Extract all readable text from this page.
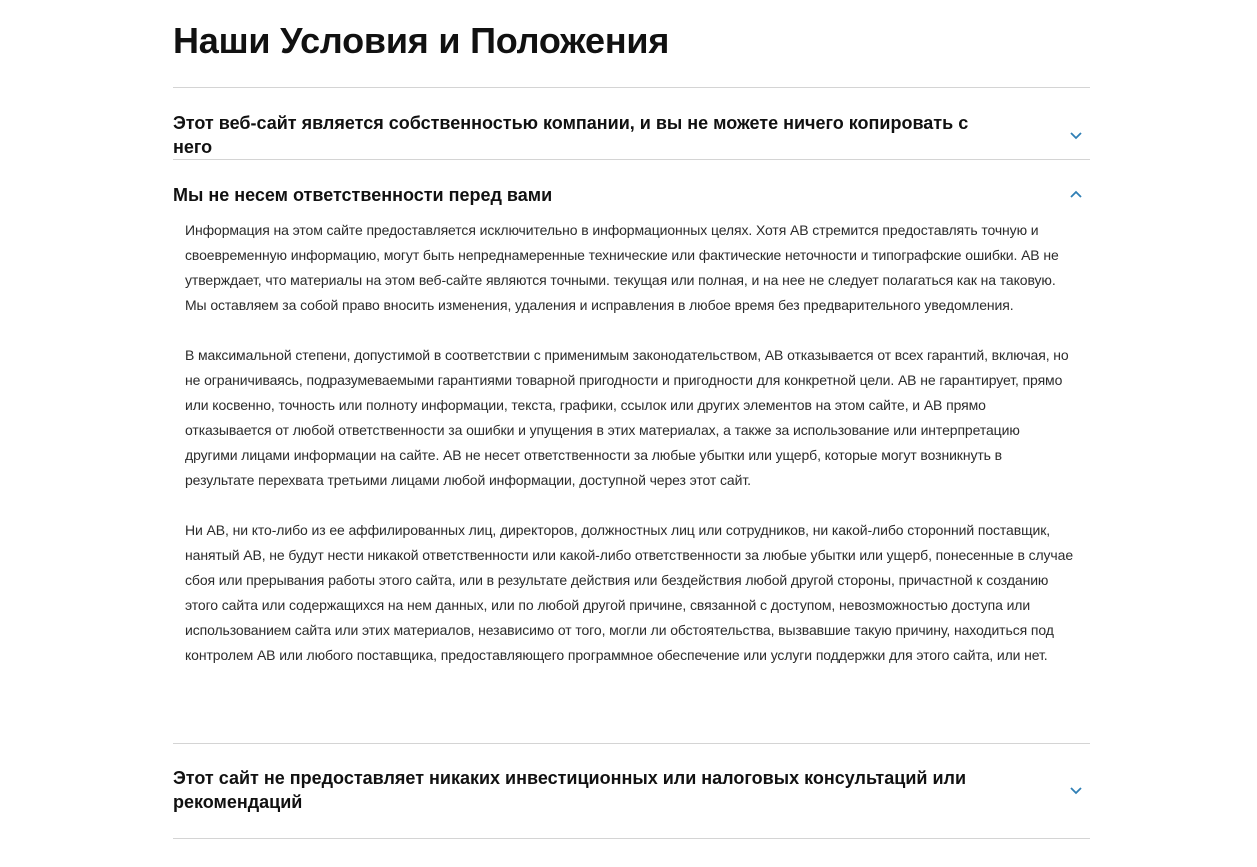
Наши Условия и Положения
Этот веб-сайт является собственностью компании, и вы не можете ничего копировать с него
Мы не несем ответственности перед вами

Информация на этом сайте предоставляется исключительно в информационных целях. Хотя АВ стремится предоставлять точную и своевременную информацию, могут быть непреднамеренные технические или фактические неточности и типографские ошибки. АВ не утверждает, что материалы на этом веб-сайте являются точными. текущая или полная, и на нее не следует полагаться как на таковую. Мы оставляем за собой право вносить изменения, удаления и исправления в любое время без предварительного уведомления.

В максимальной степени, допустимой в соответствии с применимым законодательством, АВ отказывается от всех гарантий, включая, но не ограничиваясь, подразумеваемыми гарантиями товарной пригодности и пригодности для конкретной цели. АВ не гарантирует, прямо или косвенно, точность или полноту информации, текста, графики, ссылок или других элементов на этом сайте, и АВ прямо отказывается от любой ответственности за ошибки и упущения в этих материалах, а также за использование или интерпретацию другими лицами информации на сайте. АВ не несет ответственности за любые убытки или ущерб, которые могут возникнуть в результате перехвата третьими лицами любой информации, доступной через этот сайт.

Ни АВ, ни кто-либо из ее аффилированных лиц, директоров, должностных лиц или сотрудников, ни какой-либо сторонний поставщик, нанятый АВ, не будут нести никакой ответственности или какой-либо ответственности за любые убытки или ущерб, понесенные в случае сбоя или прерывания работы этого сайта, или в результате действия или бездействия любой другой стороны, причастной к созданию этого сайта или содержащихся на нем данных, или по любой другой причине, связанной с доступом, невозможностью доступа или использованием сайта или этих материалов, независимо от того, могли ли обстоятельства, вызвавшие такую причину, находиться под контролем АВ или любого поставщика, предоставляющего программное обеспечение или услуги поддержки для этого сайта, или нет.

Этот сайт не предоставляет никаких инвестиционных или налоговых консультаций или рекомендаций
